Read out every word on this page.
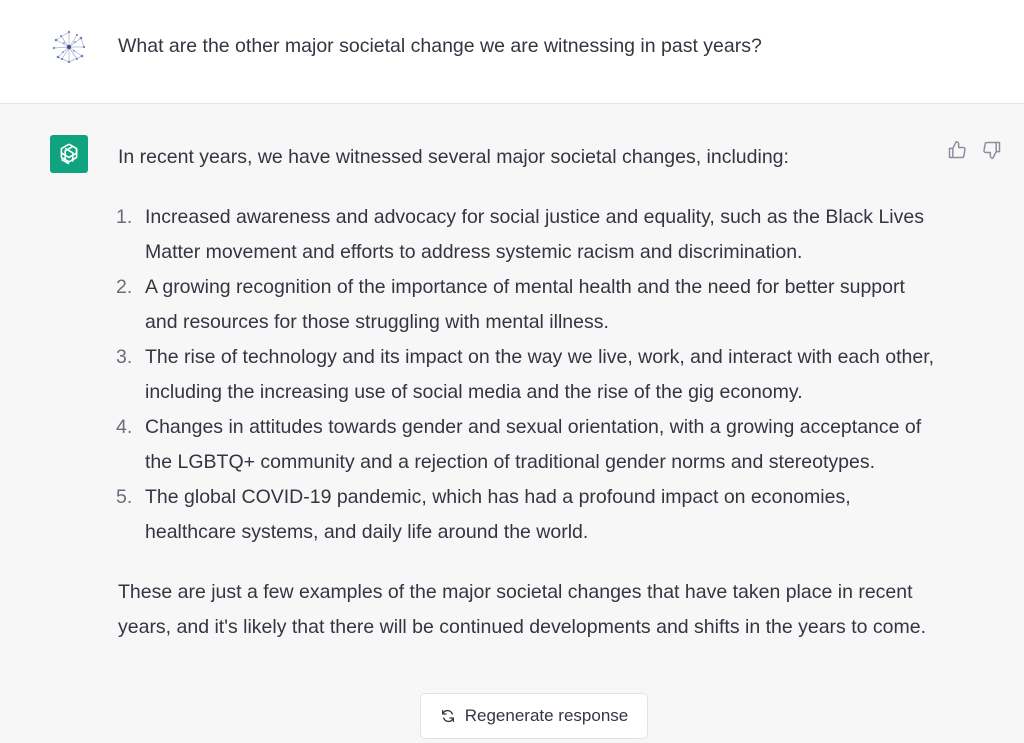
What are the other major societal change we are witnessing in past years?

In recent years, we have witnessed several major societal changes, including:

1. Increased awareness and advocacy for social justice and equality, such as the Black Lives Matter movement and efforts to address systemic racism and discrimination.
2. A growing recognition of the importance of mental health and the need for better support and resources for those struggling with mental illness.
3. The rise of technology and its impact on the way we live, work, and interact with each other, including the increasing use of social media and the rise of the gig economy.
4. Changes in attitudes towards gender and sexual orientation, with a growing acceptance of the LGBTQ+ community and a rejection of traditional gender norms and stereotypes.
5. The global COVID-19 pandemic, which has had a profound impact on economies, healthcare systems, and daily life around the world.

These are just a few examples of the major societal changes that have taken place in recent years, and it's likely that there will be continued developments and shifts in the years to come.

Regenerate response
